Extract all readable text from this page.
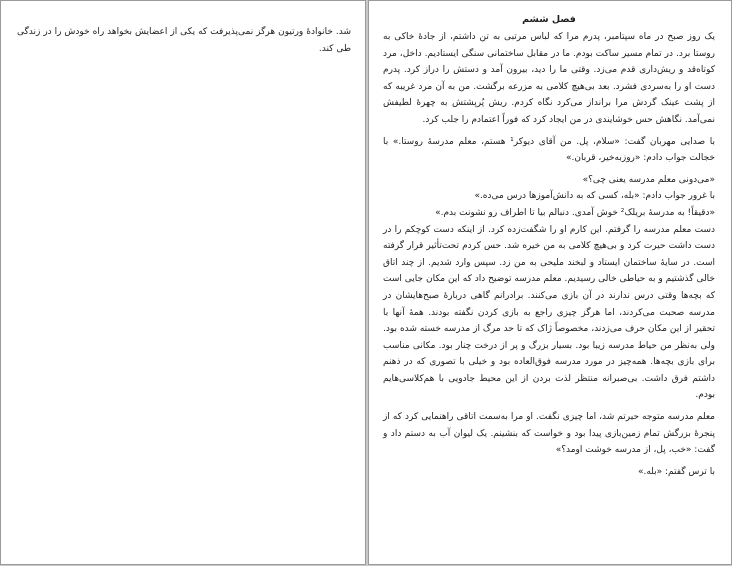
شد. خانوادهٔ ورتیون هرگز نمی‌پذیرفت که یکی از اعضایش بخواهد راه خودش را در زندگی طی کند.

فصل ششم

یک روز صبح در ماه سپتامبر، پدرم مرا که لباس مرتبی به تن داشتم، از جادهٔ خاکی به روستا برد. در تمام مسیر ساکت بودم. ما در مقابل ساختمانی سنگی ایستادیم. داخل، مرد کوتاه‌قد و ریش‌داری قدم می‌زد. وقتی ما را دید، بیرون آمد و دستش را دراز کرد. پدرم دست او را به‌سردی فشرد. بعد بی‌هیچ کلامی به مزرعه برگشت. من به آن مرد غریبه که از پشت عینک گردش مرا برانداز می‌کرد نگاه کردم. ریش پُرپشتش به چهرهٔ لطیفش نمی‌آمد. نگاهش حس خوشایندی در من ایجاد کرد که فوراً اعتمادم را جلب کرد.

با صدایی مهربان گفت: «سلام، پل. من آقای دیوکر¹ هستم، معلم مدرسهٔ روستا.» با خجالت جواب دادم: «روزبه‌خیر، قربان.»

«می‌دونی معلم مدرسه یعنی چی؟»

با غرور جواب دادم: «بله، کسی که به دانش‌آموزها درس می‌ده.»

«دقیقاً! به مدرسهٔ بریلک² خوش آمدی. دنبالم بیا تا اطراف رو نشونت بدم.»

دست معلم مدرسه را گرفتم. این کارم او را شگفت‌زده کرد. از اینکه دست کوچکم را در دست داشت حیرت کرد و بی‌هیچ کلامی به من خیره شد. حس کردم تحت‌تأثیر قرار گرفته است. در سایهٔ ساختمان ایستاد و لبخند ملیحی به من زد. سپس وارد شدیم. از چند اتاق خالی گذشتیم و به حیاطی خالی رسیدیم. معلم مدرسه توضیح داد که این مکان جایی است که بچه‌ها وقتی درس ندارند در آن بازی می‌کنند. برادرانم گاهی دربارهٔ صبح‌هایشان در مدرسه صحبت می‌کردند، اما هرگز چیزی راجع به بازی کردن نگفته بودند. همهٔ آنها با تحقیر از این مکان حرف می‌زدند، مخصوصاً ژاک که تا حد مرگ از مدرسه خسته شده بود. ولی به‌نظر من حیاط مدرسه زیبا بود. بسیار بزرگ و پر از درخت چنار بود. مکانی مناسب برای بازی بچه‌ها. همه‌چیز در مورد مدرسه فوق‌العاده بود و خیلی با تصوری که در ذهنم داشتم فرق داشت. بی‌صبرانه منتظر لذت بردن از این محیط جادویی با هم‌کلاسی‌هایم بودم.

معلم مدرسه متوجه حیرتم شد، اما چیزی نگفت. او مرا به‌سمت اتاقی راهنمایی کرد که از پنجرهٔ بزرگش تمام زمین‌بازی پیدا بود و خواست که بنشینم. یک لیوان آب به دستم داد و گفت: «خب، پل، از مدرسه خوشت اومد؟»

با ترس گفتم: «بله.»
